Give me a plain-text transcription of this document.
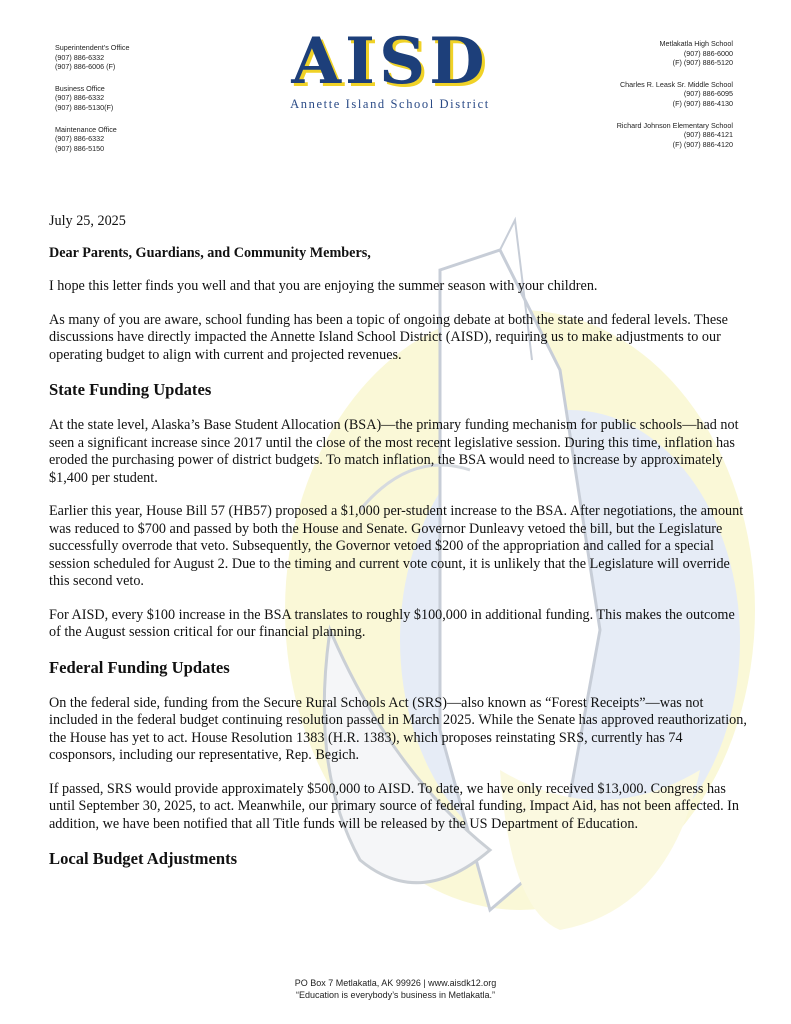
Superintendent’s Office
(907) 886-6332
(907) 886-6006 (F)
Business Office
(907) 886-6332
(907) 886-5130(F)
Maintenance Office
(907) 886-6332
(907) 886-5150
AISD
Annette Island School District
Metlakatla High School
(907) 886-6000
(F) (907) 886-5120
Charles R. Leask Sr. Middle School
(907) 886-6095
(F) (907) 886-4130
Richard Johnson Elementary School
(907) 886-4121
(F) (907) 886-4120
July 25, 2025
Dear Parents, Guardians, and Community Members,

I hope this letter finds you well and that you are enjoying the summer season with your children.

As many of you are aware, school funding has been a topic of ongoing debate at both the state and federal levels. These discussions have directly impacted the Annette Island School District (AISD), requiring us to make adjustments to our operating budget to align with current and projected revenues.

State Funding Updates

At the state level, Alaska’s Base Student Allocation (BSA)—the primary funding mechanism for public schools—had not seen a significant increase since 2017 until the close of the most recent legislative session. During this time, inflation has eroded the purchasing power of district budgets. To match inflation, the BSA would need to increase by approximately $1,400 per student.

Earlier this year, House Bill 57 (HB57) proposed a $1,000 per-student increase to the BSA. After negotiations, the amount was reduced to $700 and passed by both the House and Senate. Governor Dunleavy vetoed the bill, but the Legislature successfully overrode that veto. Subsequently, the Governor vetoed $200 of the appropriation and called for a special session scheduled for August 2. Due to the timing and current vote count, it is unlikely that the Legislature will override this second veto.

For AISD, every $100 increase in the BSA translates to roughly $100,000 in additional funding. This makes the outcome of the August session critical for our financial planning.

Federal Funding Updates

On the federal side, funding from the Secure Rural Schools Act (SRS)—also known as “Forest Receipts”—was not included in the federal budget continuing resolution passed in March 2025. While the Senate has approved reauthorization, the House has yet to act. House Resolution 1383 (H.R. 1383), which proposes reinstating SRS, currently has 74 cosponsors, including our representative, Rep. Begich.

If passed, SRS would provide approximately $500,000 to AISD. To date, we have only received $13,000. Congress has until September 30, 2025, to act. Meanwhile, our primary source of federal funding, Impact Aid, has not been affected. In addition, we have been notified that all Title funds will be released by the US Department of Education.

Local Budget Adjustments
PO Box 7 Metlakatla, AK 99926 | www.aisdk12.org
“Education is everybody’s business in Metlakatla.”
